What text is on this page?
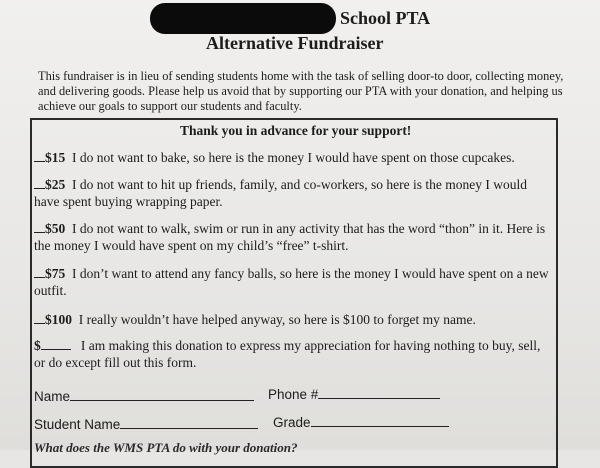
School PTA
Alternative Fundraiser
This fundraiser is in lieu of sending students home with the task of selling door-to door, collecting money, and delivering goods. Please help us avoid that by supporting our PTA with your donation, and helping us achieve our goals to support our students and faculty.
Thank you in advance for your support!
$15 I do not want to bake, so here is the money I would have spent on those cupcakes.
$25 I do not want to hit up friends, family, and co-workers, so here is the money I would have spent buying wrapping paper.
$50 I do not want to walk, swim or run in any activity that has the word “thon” in it. Here is the money I would have spent on my child’s “free” t-shirt.
$75 I don’t want to attend any fancy balls, so here is the money I would have spent on a new outfit.
$100 I really wouldn’t have helped anyway, so here is $100 to forget my name.
$	I am making this donation to express my appreciation for having nothing to buy, sell, or do except fill out this form.
Name	Phone #
Student Name	Grade
What does the WMS PTA do with your donation?
